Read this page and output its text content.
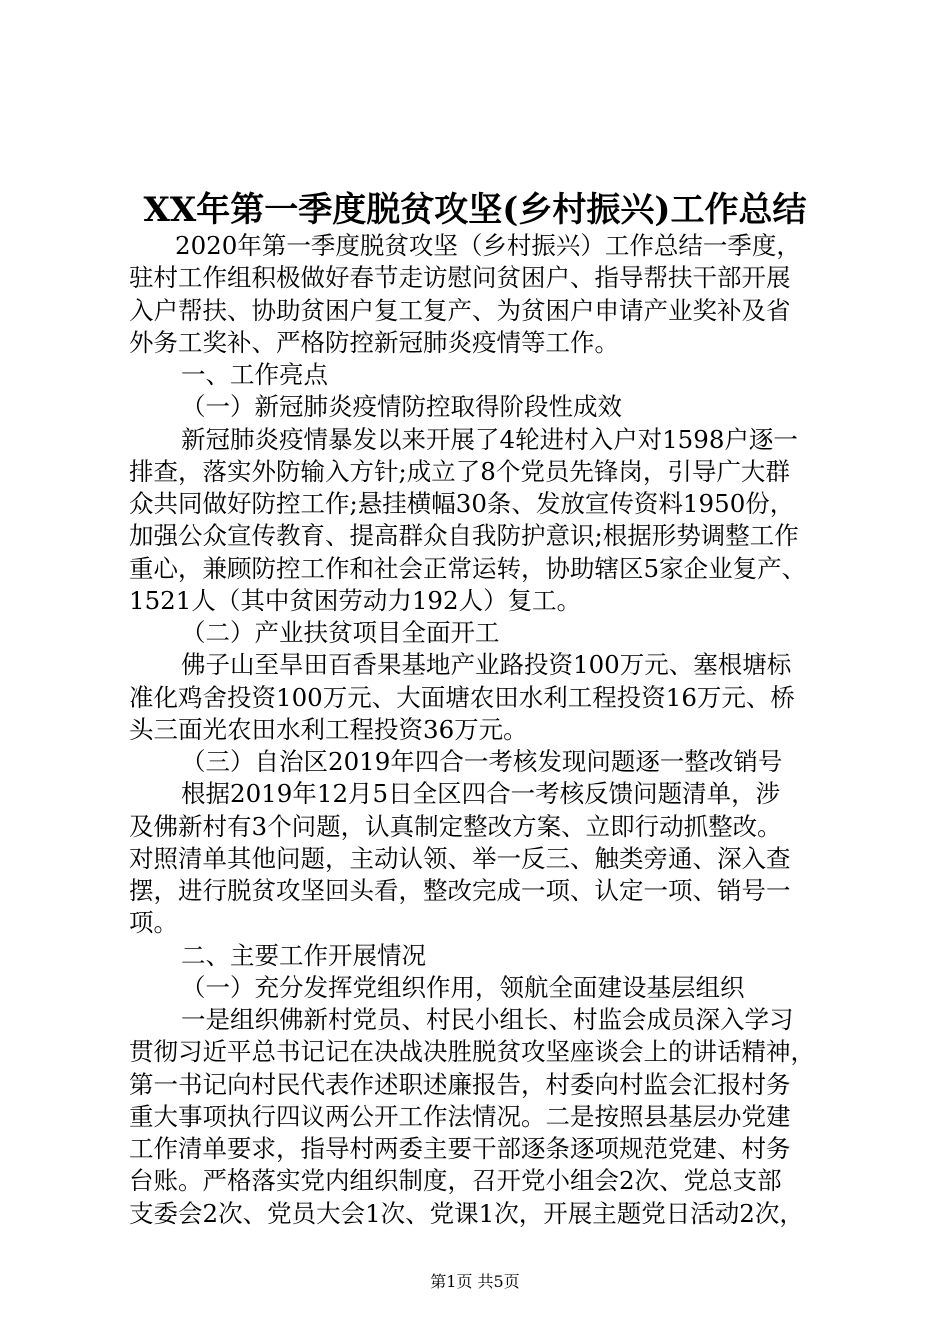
XX年第一季度脱贫攻坚(乡村振兴)工作总结
2020年第一季度脱贫攻坚（乡村振兴）工作总结一季度，
驻村工作组积极做好春节走访慰问贫困户、指导帮扶干部开展
入户帮扶、协助贫困户复工复产、为贫困户申请产业奖补及省
外务工奖补、严格防控新冠肺炎疫情等工作。
一、工作亮点
（一）新冠肺炎疫情防控取得阶段性成效
新冠肺炎疫情暴发以来开展了4轮进村入户对1598户逐一
排查，落实外防输入方针;成立了8个党员先锋岗，引导广大群
众共同做好防控工作;悬挂横幅30条、发放宣传资料1950份，
加强公众宣传教育、提高群众自我防护意识;根据形势调整工作
重心，兼顾防控工作和社会正常运转，协助辖区5家企业复产、
1521人（其中贫困劳动力192人）复工。
（二）产业扶贫项目全面开工
佛子山至旱田百香果基地产业路投资100万元、塞根塘标
准化鸡舍投资100万元、大面塘农田水利工程投资16万元、桥
头三面光农田水利工程投资36万元。
（三）自治区2019年四合一考核发现问题逐一整改销号
根据2019年12月5日全区四合一考核反馈问题清单，涉
及佛新村有3个问题，认真制定整改方案、立即行动抓整改。
对照清单其他问题，主动认领、举一反三、触类旁通、深入查
摆，进行脱贫攻坚回头看，整改完成一项、认定一项、销号一
项。
二、主要工作开展情况
（一）充分发挥党组织作用，领航全面建设基层组织
一是组织佛新村党员、村民小组长、村监会成员深入学习
贯彻习近平总书记记在决战决胜脱贫攻坚座谈会上的讲话精神，
第一书记向村民代表作述职述廉报告，村委向村监会汇报村务
重大事项执行四议两公开工作法情况。二是按照县基层办党建
工作清单要求，指导村两委主要干部逐条逐项规范党建、村务
台账。严格落实党内组织制度，召开党小组会2次、党总支部
支委会2次、党员大会1次、党课1次，开展主题党日活动2次，
第1页 共5页
